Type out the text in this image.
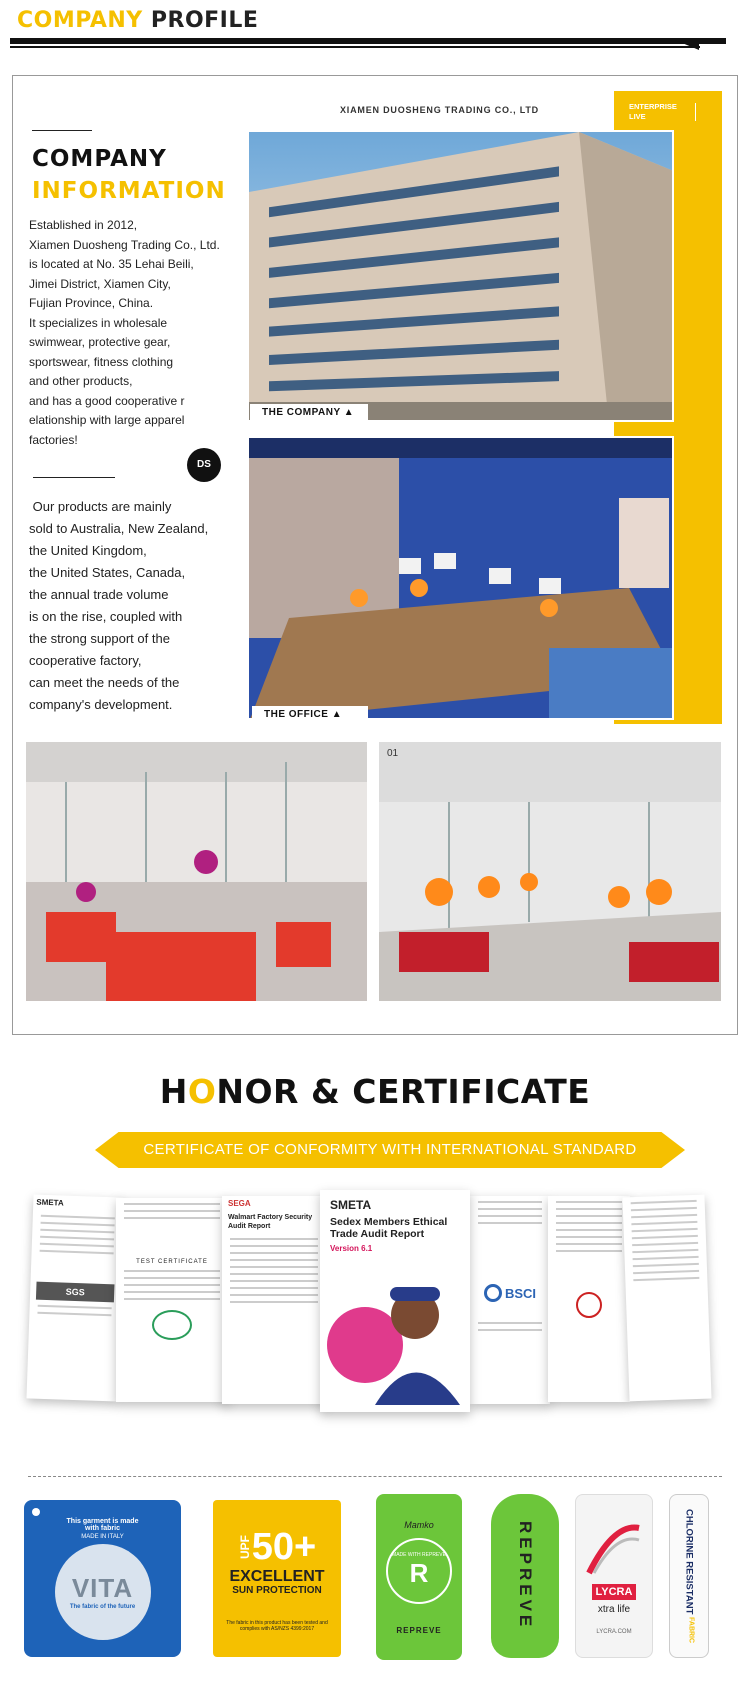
COMPANY PROFILE
COMPANY
INFORMATION
Established in 2012,
Xiamen Duosheng Trading Co., Ltd.
is located at No. 35 Lehai Beili,
Jimei District, Xiamen City,
Fujian Province, China.
It specializes in wholesale
swimwear, protective gear,
sportswear, fitness clothing
and other products,
and has a good cooperative r
elationship with large apparel
factories!
DS
Our products are mainly
sold to Australia, New Zealand,
the United Kingdom,
the United States, Canada,
the annual trade volume
is on the rise, coupled with
the strong support of the
cooperative factory,
can meet the needs of the
company's development.
XIAMEN DUOSHENG TRADING CO., LTD	ENTERPRISE
LIVE
THE COMPANY ▲
THE OFFICE ▲
01
HONOR & CERTIFICATE
CERTIFICATE OF CONFORMITY WITH INTERNATIONAL STANDARD
SMETA
SGS
TEST CERTIFICATE
SEGA
Walmart Factory Security Audit Report
SMETA
Sedex Members Ethical Trade Audit Report
Version 6.1
BSCI
This garment is made with fabric
MADE IN ITALY
VITA
The fabric of the future
UPF 50+
EXCELLENT
SUN PROTECTION
The fabric in this product has been tested and complies with AS/NZS 4399:2017
Mamko
MADE WITH REPREVE
R
REPREVE	REPREVE	LYCRA
xtra life
LYCRA.COM
CHLORINE RESISTANT
FABRIC
